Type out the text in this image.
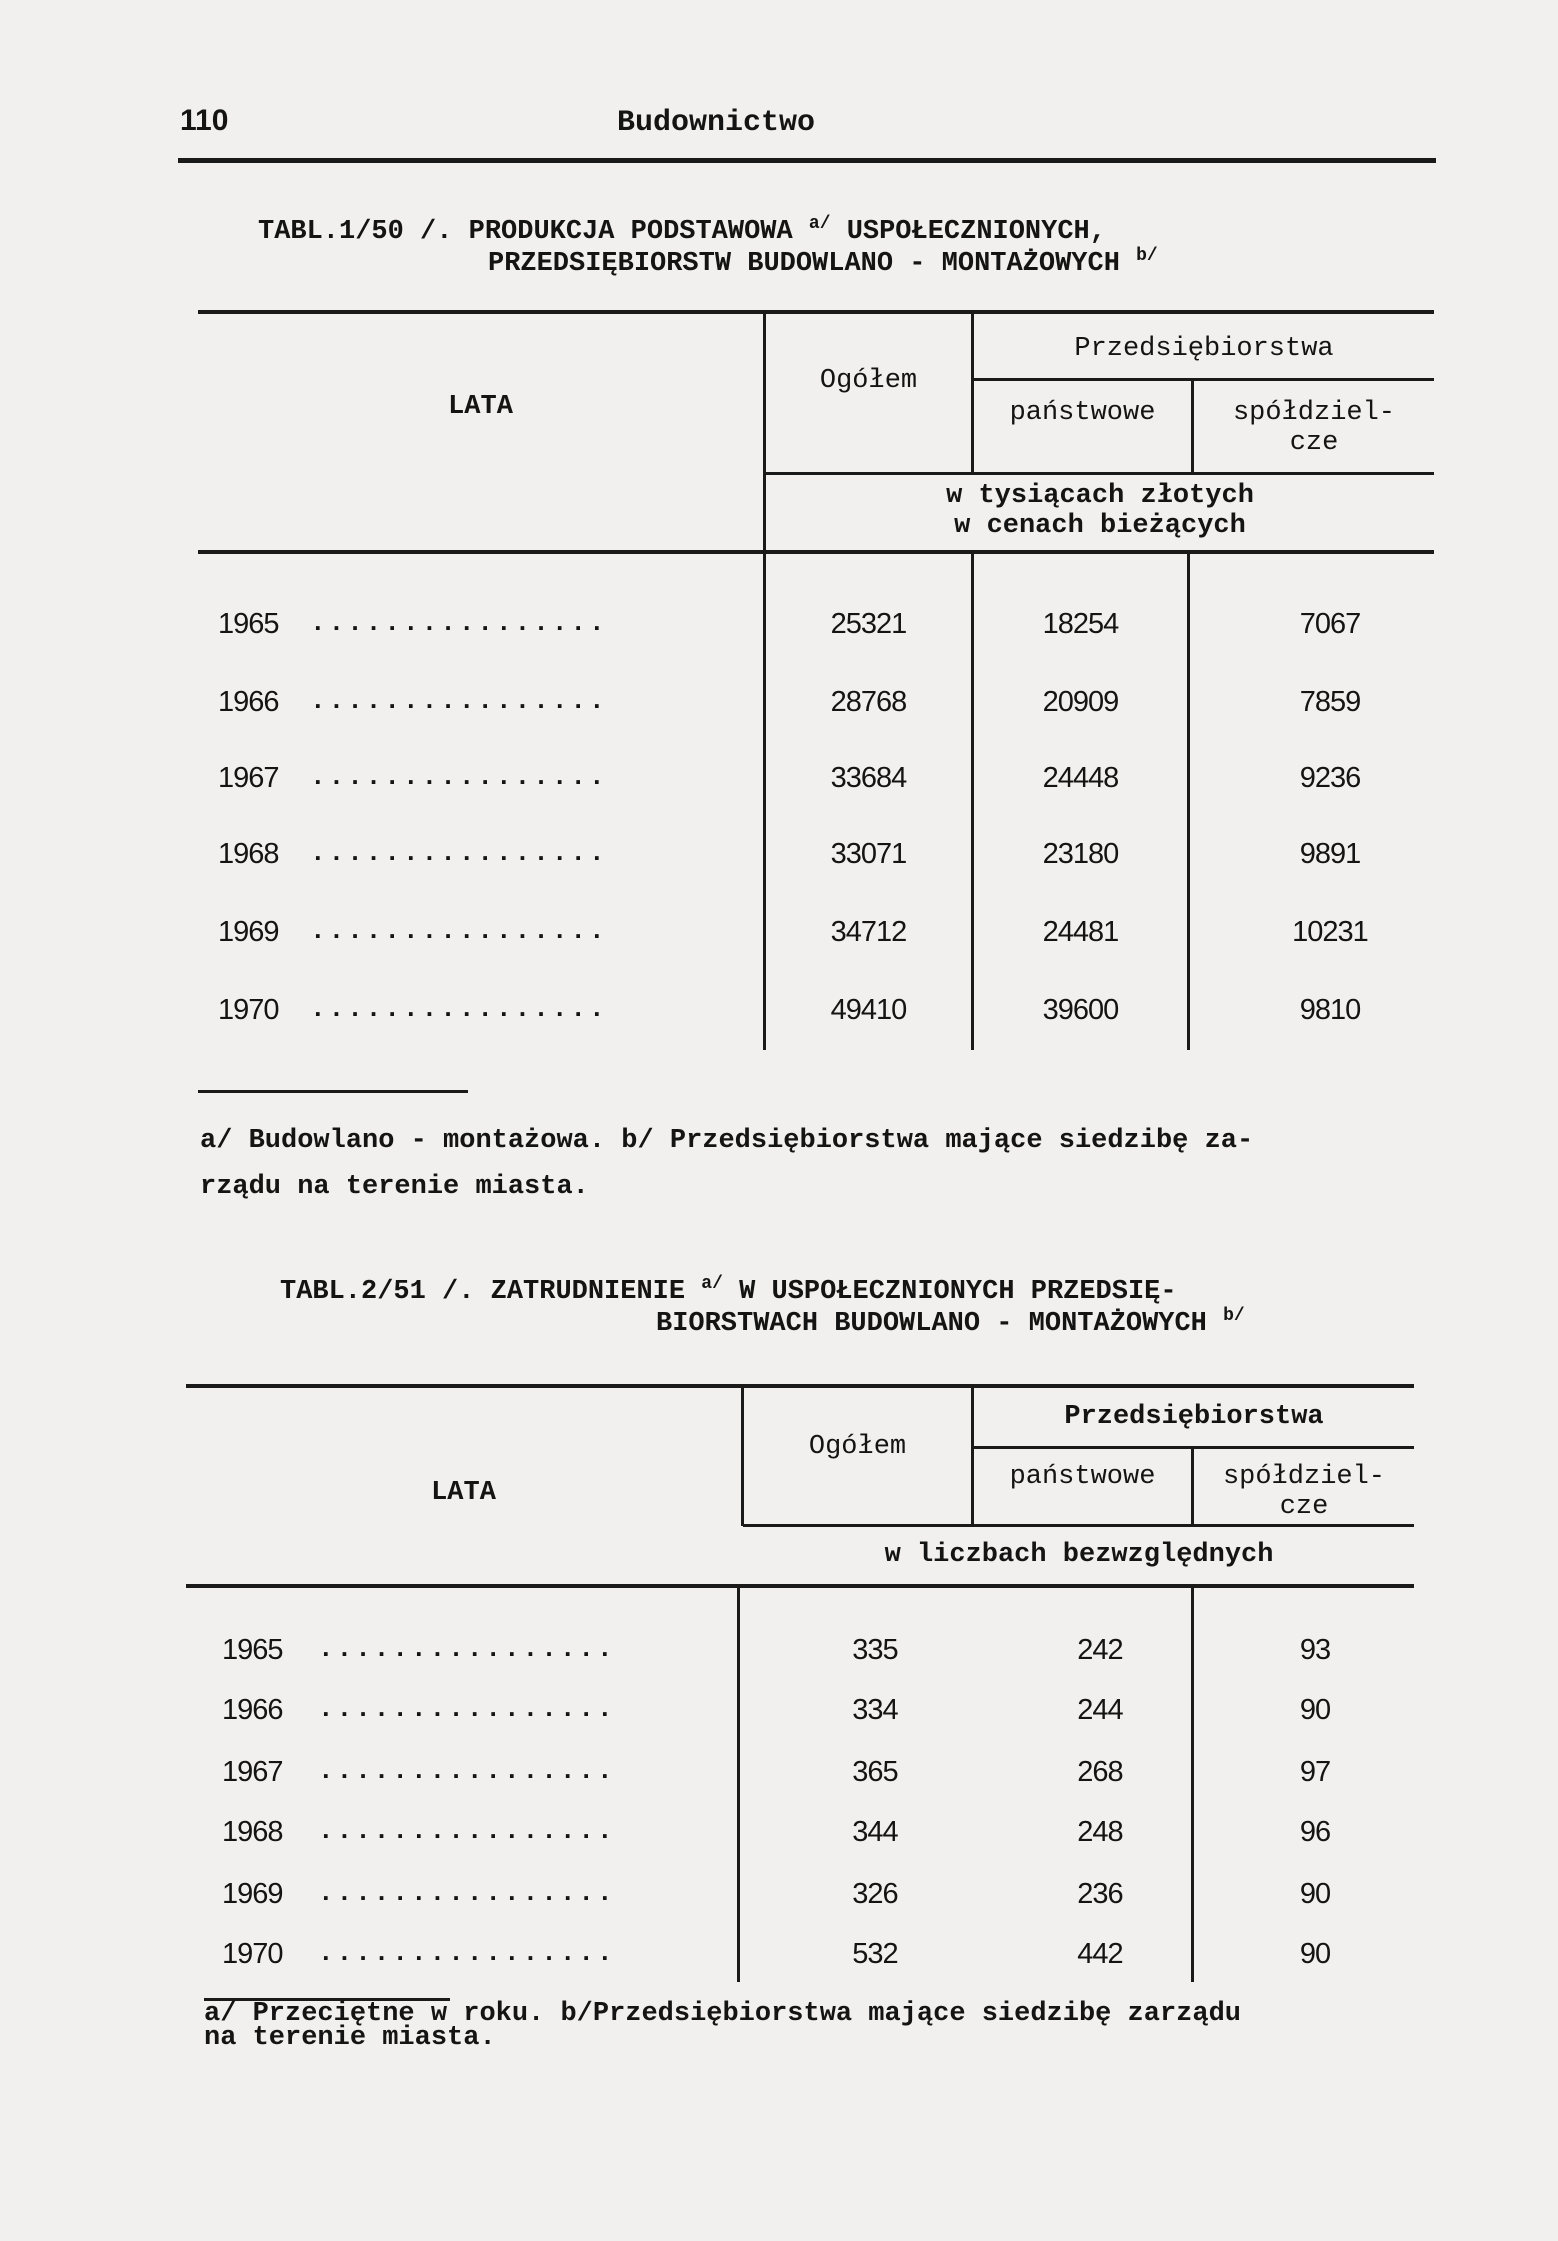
110	Budownictwo
TABL.1/50 /. PRODUKCJA PODSTAWOWA $^{a/}$ USPOŁECZNIONYCH,
PRZEDSIĘBIORSTW BUDOWLANO - MONTAŻOWYCH $^{b/}$
LATA
Ogółem
Przedsiębiorstwa
państwowe	spółdziel-
cze
w tysiącach złotych
w cenach bieżących
1965 ................	25321	18254	7067
1966 ................	28768	20909	7859
1967 ................	33684	24448	9236
1968 ................	33071	23180	9891
1969 ................	34712	24481	10231
1970 ................	49410	39600	9810
a/ Budowlano - montażowa. b/ Przedsiębiorstwa mające siedzibę za-
rządu na terenie miasta.
TABL.2/51 /. ZATRUDNIENIE $^{a/}$ W USPOŁECZNIONYCH PRZEDSIĘ-
BIORSTWACH BUDOWLANO - MONTAŻOWYCH $^{b/}$
LATA
Ogółem
Przedsiębiorstwa
państwowe	spółdziel-
cze
w liczbach bezwzględnych
1965 ................	335	242	93
1966 ................	334	244	90
1967 ................	365	268	97
1968 ................	344	248	96
1969 ................	326	236	90
1970 ................	532	442	90
a/ Przeciętne w roku. b/Przedsiębiorstwa mające siedzibę zarządu
na terenie miasta.
